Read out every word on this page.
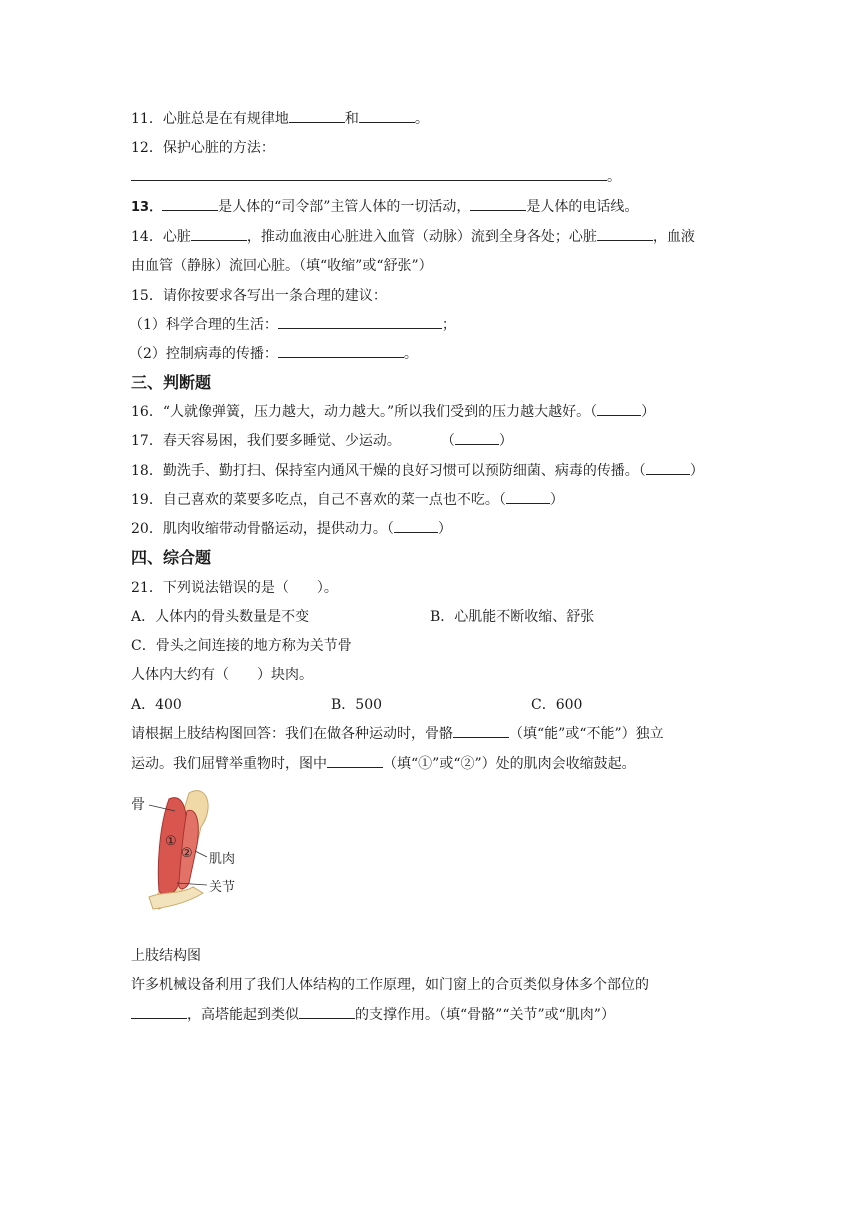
11．心脏总是在有规律地	和	。
12．保护心脏的方法：
。
13．	是人体的“司令部”主管人体的一切活动，	是人体的电话线。
14．心脏	，推动血液由心脏进入血管（动脉）流到全身各处；心脏	，血液
由血管（静脉）流回心脏。（填“收缩”或“舒张”）
15．请你按要求各写出一条合理的建议：
（1）科学合理的生活：	；
（2）控制病毒的传播：	。
三、判断题
16．“人就像弹簧，压力越大，动力越大。”所以我们受到的压力越大越好。（	）
17．春天容易困，我们要多睡觉、少运动。	（	）
18．勤洗手、勤打扫、保持室内通风干燥的良好习惯可以预防细菌、病毒的传播。（	）
19．自己喜欢的菜要多吃点，自己不喜欢的菜一点也不吃。（	）
20．肌肉收缩带动骨骼运动，提供动力。（	）
四、综合题
21．下列说法错误的是（　　）。
A．人体内的骨头数量是不变	B．心肌能不断收缩、舒张
C．骨头之间连接的地方称为关节骨
人体内大约有（　　）块肉。
A．400	B．500	C．600
请根据上肢结构图回答：我们在做各种运动时，骨骼	（填“能”或“不能”）独立
运动。我们屈臂举重物时，图中	（填“①”或“②”）处的肌肉会收缩鼓起。
骨
①
② 肌肉
关节
上肢结构图
许多机械设备利用了我们人体结构的工作原理，如门窗上的合页类似身体多个部位的
，高塔能起到类似	的支撑作用。（填“骨骼”“关节”或“肌肉”）
